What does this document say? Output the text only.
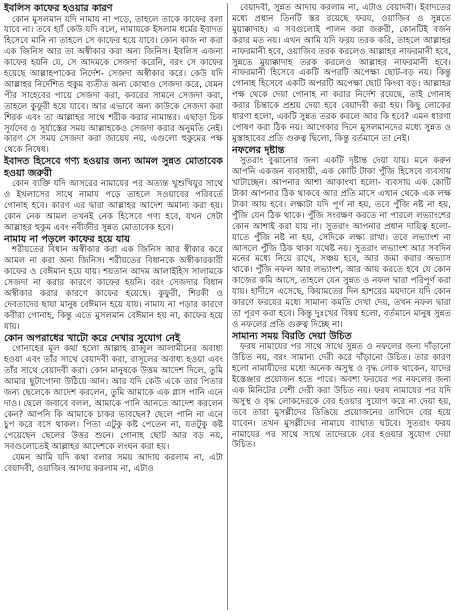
ইবলিস কাফের হওয়ার কারণ

কোন মুসলমান যদি নামায না পড়ে, তাহলে তাকে কাফের বলা যাবে না। তবে হ্যাঁ কেউ যদি বলে, নামাযকে ইসলাম ধর্মের ইবাদত হিসেবে মানি না তাহলে সে কাফের হয়ে যাবে। কোন কাজ না করা এক জিনিস আর তা অস্বীকার করা অন্য জিনিস। ইবলিস এজন্য কাফের হয়নি যে, সে আদমকে সেজদা করেনি, বরং সে কাফের হয়েছে আল্লাহপাকের নির্দেশ- সেজদা অস্বীকার করে। কেউ যদি আল্লাহর নির্দেশিত হুকুম ব্যতীত অন্য কোথাও সেজদা করে, যেমন পীর সাহেবের পায়ে সেজদা করা, কবরের সামনে সেজদা করা, তাহলে কুফুরী হয়ে যাবে। আর এভাবে অন্য কাউকে সেজদা করা শিরক এবং তা আল্লাহর সাথে শরীক করার নামান্তর। এছাড়া চিক সূর্যদেব ও সূর্যাস্তের সময় আল্লাহকেও সেজদা করার অনুমতি নেই। কারণ সে সময় সেজদা করা জায়েয নয়, এগুলো হুকুমের পক্ষ থেকে নিষেধ।

ইবাদত হিসেবে গণ্য হওয়ার জন্য আমল সুন্নত মোতাবেক হওয়া জরুরী

কোন ব্যক্তি যদি আসরের নামাযের পর অত্যন্ত খুশুখিযুর সাথে ও ইখলাসের সাথে নামায পড়ে তাহলে সওয়াবের পরিবর্তে গোনাহ হবে। কারণ এর দ্বারা আল্লাহর আদেশ অমান্য করা হয়। কোন নেক আমল তখনই নেক হিসেবে গণ্য হবে, যখন সেটা আল্লাহর হুকুম এবং নবীজীর সুন্নত মোতাবেক হবে।

নামায না পড়লে কাফের হয়ে যায়

শরীয়তের বিধান অস্বীকার করা এক জিনিস আর স্বীকার করে আমল না করা অন্য জিনিস। শরীয়তের বিধানকে অস্বীকারকারী কাফের ও বেঈমান হয়ে যায়। শয়তান আদম আলাইহিস সালামকে সেজদা না করার কারণে কাফের হয়নি। বরং সেজদার বিধান অস্বীকার করার কারণে কাফের হয়েছে। কুফুরী, শিরকী ও দেবতাদের ছায়া মানুষ বেঈমান হয়ে যায়। নামায না পড়ার কারণে কবীরা গোনাহ, কিন্তু এতে মুসলমান বেঈমান হয় না, কাফের হয়ে যায়।

কোন অপরাধের খাটো করে দেখার সুযোগ নেই

গোনাহের মূল কথা হলো আল্লাহ রাব্বুল আলামীনের অবাধ্য হওয়া এবং তাঁর সাথে বেয়াদবী করা, রাসূলের অবাধ্য হওয়া এবং তাঁর সাথে বেয়াদবী করা। কোন মানুষকে উত্তম আদেশ দিলে, তুমি আমার ছুটাগোনা উঠিয়ে আন। আর যদি কেউ একে তার পিতার জন্য ছেলেকে আদেশ করলেন, তুমি আমাকে এক গ্লাস পানি এনে দাও। ছেলে জবাবে বলল, আমাকে পানি আনতে আদেশ করলেন কেন? আপনি কি আমাকে চাকর ভাবছেন? ছেলে পানি না এনে চুপ করে বসে থাকল। পিতা এটুকু কষ্ট পেতেন না, যতটুকু কষ্ট পেয়েছেন ছেলের উত্তর শুনে। গোনাহ ছোট আর বড় নয়, সবগুলোতেই আল্লাহর আদেশকে লংঘন করা হয়।

যেমন আমি যদি কথা বলার সময় আদায় করলাম না, এটা বেয়াদবী, ওয়াজিব আদায় করলাম না, এটাও

বেয়াদবী, সুন্নত আদায় করলাম না, এটাও বেয়াদবী। ইবাদতের মধ্যে প্রধান তিনটি স্তর রয়েছে ফরয, ওয়াজিব ও সুন্নতে মুয়াক্কাদাহ। এ সবগুলোই পালন করা জরুরী, কোনটিই বর্জন করার মত নয়। এখন আমি যদি ফরয তরক করি, তাহলে আল্লাহর নাফরমানী হবে, ওয়াজিব তরক করলেও আল্লাহর নাফরমানী হবে, সুন্নতে মুয়াক্কাদাহ তরক করলেও আল্লাহর নাফরমানী হবে। নাফরমানী হিসেবে একটি অপরটি অপেক্ষা ছোট-বড় নয়। কিন্তু গোনাহ হিসেবে একটি অপরটি অপেক্ষা ছোট কিংবা বড়। আল্লাহর পক্ষ থেকে দেয়া গোনাহ না করার নির্দেশ রয়েছে, তাই গোনাহ করার চিন্তাকে প্রশ্রয় দেয়া হবে বেয়াদবী করা হয়। কিছু লোকের ধারণা হলো, একটি সুন্নত তরক করলে আর কি হবে? এমন ধারণা পোষণ করা ঠিক নয়। আগেকার দিনে মুসলমানদের মধ্যে সুন্নত ও মুস্তাহাবের প্রতি গুরুত্ব ছিলো, কিন্তু বর্তমানে তা নেই।

নফলের দৃষ্টান্ত

সুতরাং বুঝানোর জন্য একটি দৃষ্টান্ত দেয়া যায়। মনে করুন আপনি একজন ব্যবসায়ী, এক কোটি টাকা পুঁজি হিসেবে ব্যবসায় খাটাচ্ছেন। আপনার আশা আকাংখা হলো- ব্যবসায় এক কোটি টাকা আপনার ঠিক থাকবে আর প্রতি মাসে এখান থেকে এক লক্ষ টাকা আয় হবে। লক্ষ্যটা যদি পূর্ণ না হয়, তবে পুঁজি নষ্ট না হয়, পুঁজি যেন ঠিক থাকে। পুঁজি সংরক্ষণ করতে না পারলে লভ্যাংশের কোন আশাই করা যায় না। সুতরাং আপনার প্রধান দায়িত্ব হলো- যাতে পুঁজি নষ্ট না হয়, সেদিকে লক্ষ্য রাখা। তবে লভ্যাংশ না আসলে পুঁজি ঠিক থাকা যথেষ্ট নয়। সুতরাং লভ্যাংশ আর সবদিন মনের মধ্যে নিয়ে রাখে, সঞ্চয় হবে, আর জমা করার অভ্যাস থাকে। পুঁজি নফল আর লভ্যাংশ, আর আয় করতে হবে যে কোন কাজের কমি আসে, তাহলে যেন সুন্নত ও নফল দ্বারা পরিপূর্ণ করা যায়। হাদীসে এসেছে, কিয়ামতের দিন হাশরের ময়দানে যদি কোন কারণে ফরযের মধ্যে সামান্য কমতি দেখা দেয়, তখন নফল দ্বারা তা পূরণ করা হবে। কিন্তু দুঃখের বিষয় হলো, বর্তমানে মানুষ সুন্নত ও নফলের প্রতি গুরুত্ব দিচ্ছে না।

সামান্য সময় বিরতি দেয়া উচিত

ফরয নামাযের পর সাথে সাথে সুন্নত ও নফলের জন্য দাঁড়ানো উচিত নয়, বরং সামান্য দেরী করে দাঁড়ানো উচিত। তার কারণ হলো নামাযীদের মধ্যে অনেক অসুস্থ ও বৃদ্ধ লোক থাকেন, যাদের ইস্তেঞ্জার প্রয়োজন হতে পারে। অবশ্য ফরযের পর নফলের জন্য এক মিনিটের বেশী দেরী করা উচিত নয়। ফরয নামাযের পর যদি অসুস্থ ও বৃদ্ধ লোকদেরকে বের হওয়ার সুযোগ করে না দেয়া হয়, তবে তারা মুসল্লীদের ডিঙিয়ে প্রয়োজনের তাগিদে বের হয়ে যাবেন। তখন মুসল্লীদের নামাযে ব্যাঘাত ঘটবে। সুতরাং ফরয নামাযের পর সাথে সাথে তাদেরকে বের হওয়ার সুযোগ দেয়া উচিত।
